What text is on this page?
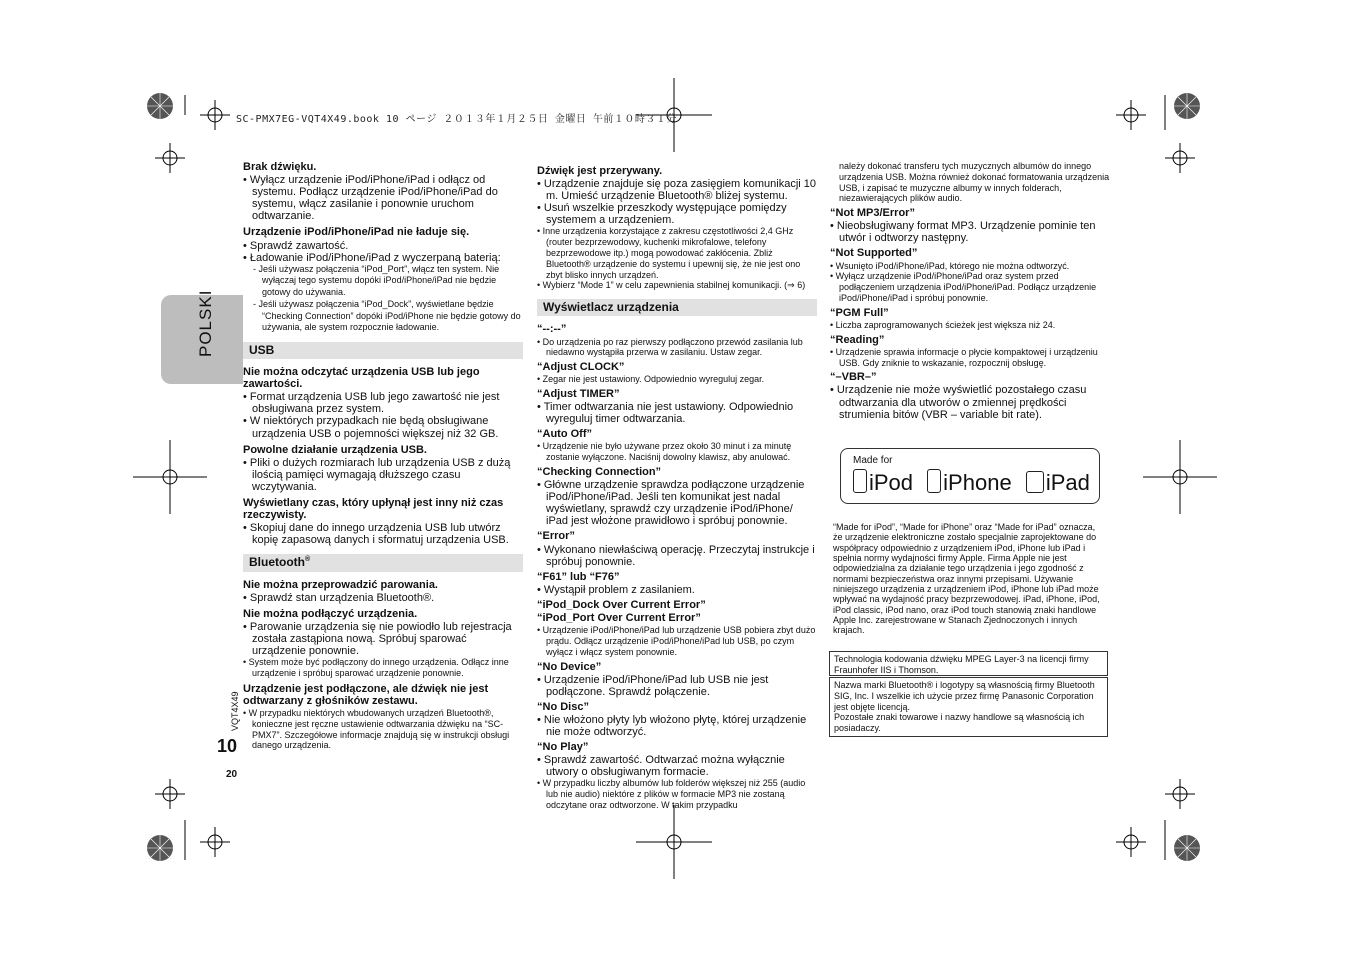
SC-PMX7EG-VQT4X49.book 10 ページ ２０１３年１月２５日 金曜日 午前１０時３１分
POLSKI
VQT4X49
10
20
Brak dźwięku.
• Wyłącz urządzenie iPod/iPhone/iPad i odłącz od systemu. Podłącz urządzenie iPod/iPhone/iPad do systemu, włącz zasilanie i ponownie uruchom odtwarzanie.
Urządzenie iPod/iPhone/iPad nie ładuje się.
• Sprawdź zawartość.
• Ładowanie iPod/iPhone/iPad z wyczerpaną baterią:
- Jeśli używasz połączenia “iPod_Port”, włącz ten system. Nie wyłączaj tego systemu dopóki iPod/iPhone/iPad nie będzie gotowy do używania.
- Jeśli używasz połączenia “iPod_Dock”, wyświetlane będzie “Checking Connection” dopóki iPod/iPhone nie będzie gotowy do używania, ale system rozpocznie ładowanie.
USB
Nie można odczytać urządzenia USB lub jego zawartości.
• Format urządzenia USB lub jego zawartość nie jest obsługiwana przez system.
• W niektórych przypadkach nie będą obsługiwane urządzenia USB o pojemności większej niż 32 GB.
Powolne działanie urządzenia USB.
• Pliki o dużych rozmiarach lub urządzenia USB z dużą ilością pamięci wymagają dłuższego czasu wczytywania.
Wyświetlany czas, który upłynął jest inny niż czas rzeczywisty.
• Skopiuj dane do innego urządzenia USB lub utwórz kopię zapasową danych i sformatuj urządzenia USB.
Bluetooth®
Nie można przeprowadzić parowania.
• Sprawdź stan urządzenia Bluetooth®.
Nie można podłączyć urządzenia.
• Parowanie urządzenia się nie powiodło lub rejestracja została zastąpiona nową. Spróbuj sparować urządzenie ponownie.
• System może być podłączony do innego urządzenia. Odłącz inne urządzenie i spróbuj sparować urządzenie ponownie.
Urządzenie jest podłączone, ale dźwięk nie jest odtwarzany z głośników zestawu.
• W przypadku niektórych wbudowanych urządzeń Bluetooth®, konieczne jest ręczne ustawienie odtwarzania dźwięku na “SC-PMX7”. Szczegółowe informacje znajdują się w instrukcji obsługi danego urządzenia.
Dźwięk jest przerywany.
• Urządzenie znajduje się poza zasięgiem komunikacji 10 m. Umieść urządzenie Bluetooth® bliżej systemu.
• Usuń wszelkie przeszkody występujące pomiędzy systemem a urządzeniem.
• Inne urządzenia korzystające z zakresu częstotliwości 2,4 GHz (router bezprzewodowy, kuchenki mikrofalowe, telefony bezprzewodowe itp.) mogą powodować zakłócenia. Zbliż Bluetooth® urządzenie do systemu i upewnij się, że nie jest ono zbyt blisko innych urządzeń.
• Wybierz “Mode 1” w celu zapewnienia stabilnej komunikacji. (⇒ 6)
Wyświetlacz urządzenia
“--:--”
• Do urządzenia po raz pierwszy podłączono przewód zasilania lub niedawno wystąpiła przerwa w zasilaniu. Ustaw zegar.
“Adjust CLOCK”
• Zegar nie jest ustawiony. Odpowiednio wyreguluj zegar.
“Adjust TIMER”
• Timer odtwarzania nie jest ustawiony. Odpowiednio wyreguluj timer odtwarzania.
“Auto Off”
• Urządzenie nie było używane przez około 30 minut i za minutę zostanie wyłączone. Naciśnij dowolny klawisz, aby anulować.
“Checking Connection”
• Główne urządzenie sprawdza podłączone urządzenie iPod/iPhone/iPad. Jeśli ten komunikat jest nadal wyświetlany, sprawdź czy urządzenie iPod/iPhone/ iPad jest włożone prawidłowo i spróbuj ponownie.
“Error”
• Wykonano niewłaściwą operację. Przeczytaj instrukcje i spróbuj ponownie.
“F61” lub “F76”
• Wystąpił problem z zasilaniem.
“iPod_Dock Over Current Error”
“iPod_Port Over Current Error”
• Urządzenie iPod/iPhone/iPad lub urządzenie USB pobiera zbyt dużo prądu. Odłącz urządzenie iPod/iPhone/iPad lub USB, po czym wyłącz i włącz system ponownie.
“No Device”
• Urządzenie iPod/iPhone/iPad lub USB nie jest podłączone. Sprawdź połączenie.
“No Disc”
• Nie włożono płyty lyb włożono płytę, której urządzenie nie może odtworzyć.
“No Play”
• Sprawdź zawartość. Odtwarzać można wyłącznie utwory o obsługiwanym formacie.
• W przypadku liczby albumów lub folderów większej niż 255 (audio lub nie audio) niektóre z plików w formacie MP3 nie zostaną odczytane oraz odtworzone. W takim przypadku
należy dokonać transferu tych muzycznych albumów do innego urządzenia USB. Można również dokonać formatowania urządzenia USB, i zapisać te muzyczne albumy w innych folderach, niezawierających plików audio.
“Not MP3/Error”
• Nieobsługiwany format MP3. Urządzenie pominie ten utwór i odtworzy następny.
“Not Supported”
• Wsunięto iPod/iPhone/iPad, którego nie można odtworzyć.
• Wyłącz urządzenie iPod/iPhone/iPad oraz system przed podłączeniem urządzenia iPod/iPhone/iPad. Podłącz urządzenie iPod/iPhone/iPad i spróbuj ponownie.
“PGM Full”
• Liczba zaprogramowanych ścieżek jest większa niż 24.
“Reading”
• Urządzenie sprawia informacje o płycie kompaktowej i urządzeniu USB. Gdy zniknie to wskazanie, rozpocznij obsługę.
“–VBR–”
• Urządzenie nie może wyświetlić pozostałego czasu odtwarzania dla utworów o zmiennej prędkości strumienia bitów (VBR – variable bit rate).
Made for
iPod iPhone iPad
“Made for iPod”, “Made for iPhone” oraz “Made for iPad” oznacza, że urządzenie elektroniczne zostało specjalnie zaprojektowane do współpracy odpowiednio z urządzeniem iPod, iPhone lub iPad i spełnia normy wydajności firmy Apple. Firma Apple nie jest odpowiedzialna za działanie tego urządzenia i jego zgodność z normami bezpieczeństwa oraz innymi przepisami. Używanie niniejszego urządzenia z urządzeniem iPod, iPhone lub iPad może wpływać na wydajność pracy bezprzewodowej. iPad, iPhone, iPod, iPod classic, iPod nano, oraz iPod touch stanowią znaki handlowe Apple Inc. zarejestrowane w Stanach Zjednoczonych i innych krajach.
Technologia kodowania dźwięku MPEG Layer-3 na licencji firmy Fraunhofer IIS i Thomson.
Nazwa marki Bluetooth® i logotypy są własnością firmy Bluetooth SIG, Inc. I wszelkie ich użycie przez firmę Panasonic Corporation jest objęte licencją.
Pozostałe znaki towarowe i nazwy handlowe są własnością ich posiadaczy.
